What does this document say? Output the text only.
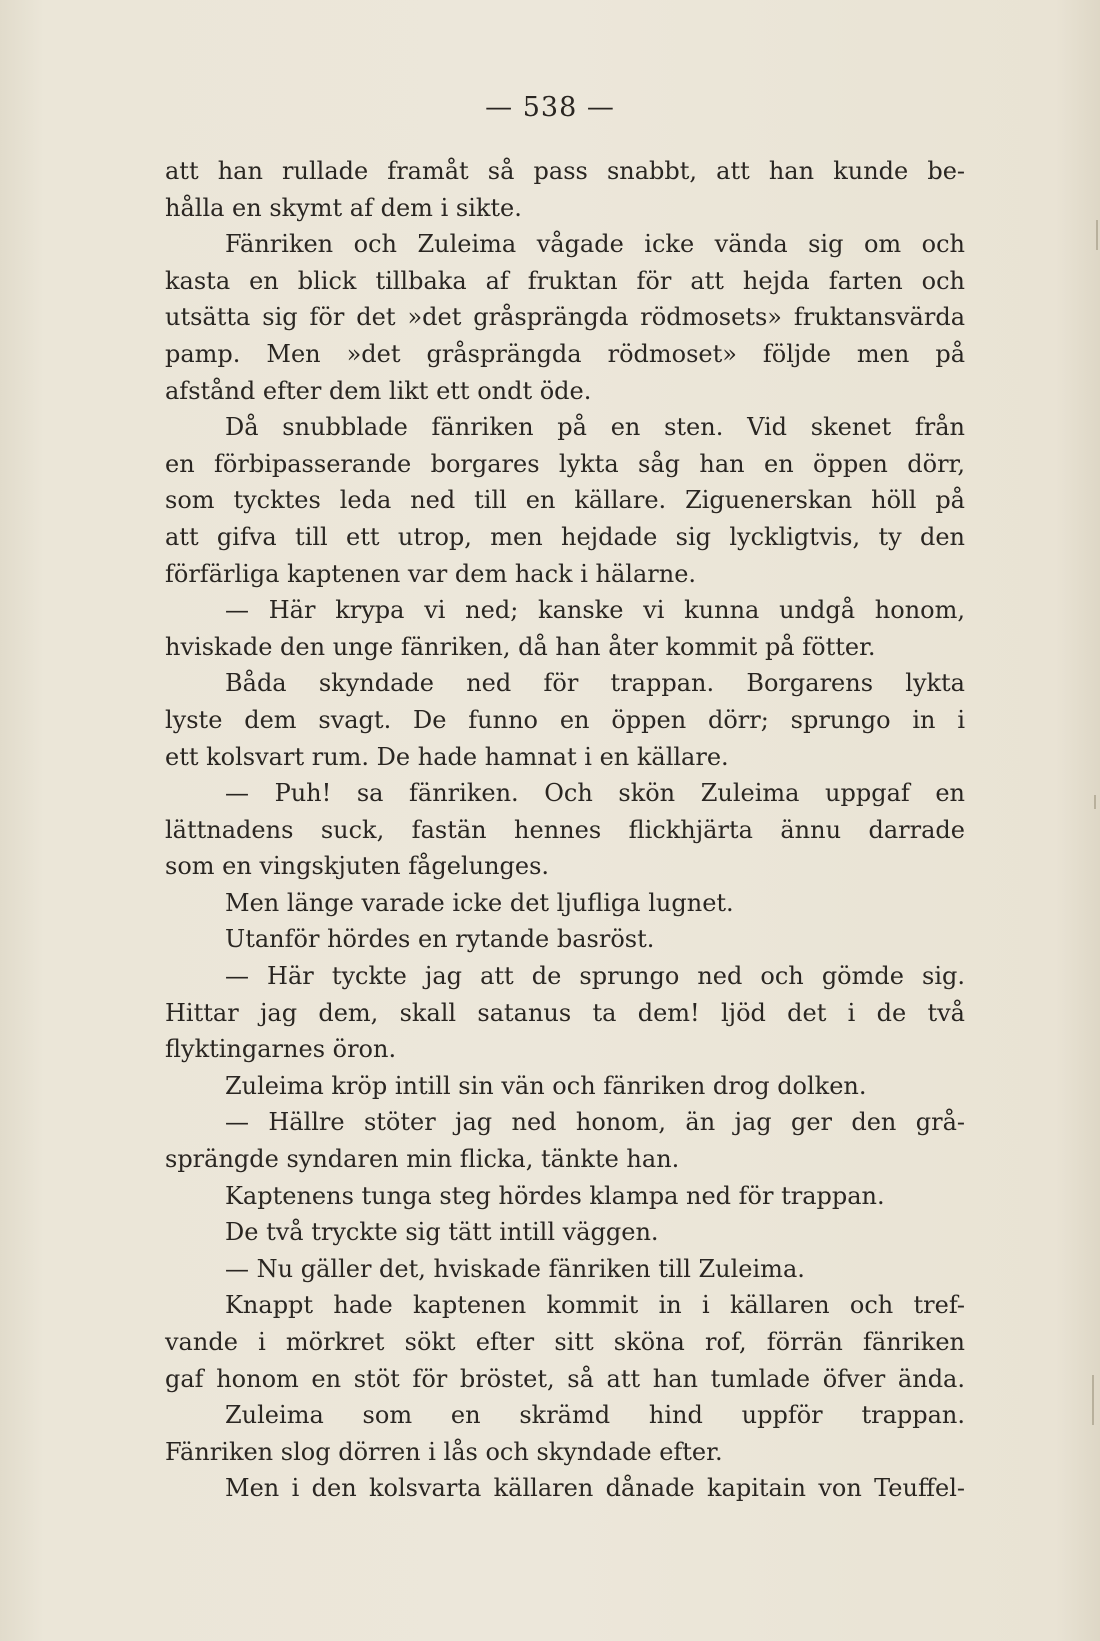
— 538 —
att han rullade framåt så pass snabbt, att han kunde be-
hålla en skymt af dem i sikte.
Fänriken och Zuleima vågade icke vända sig om och
kasta en blick tillbaka af fruktan för att hejda farten och
utsätta sig för det »det gråsprängda rödmosets» fruktansvärda
pamp. Men »det gråsprängda rödmoset» följde men på
afstånd efter dem likt ett ondt öde.
Då snubblade fänriken på en sten. Vid skenet från
en förbipasserande borgares lykta såg han en öppen dörr,
som tycktes leda ned till en källare. Ziguenerskan höll på
att gifva till ett utrop, men hejdade sig lyckligtvis, ty den
förfärliga kaptenen var dem hack i hälarne.
— Här krypa vi ned; kanske vi kunna undgå honom,
hviskade den unge fänriken, då han åter kommit på fötter.
Båda skyndade ned för trappan. Borgarens lykta
lyste dem svagt. De funno en öppen dörr; sprungo in i
ett kolsvart rum. De hade hamnat i en källare.
— Puh! sa fänriken. Och skön Zuleima uppgaf en
lättnadens suck, fastän hennes flickhjärta ännu darrade
som en vingskjuten fågelunges.
Men länge varade icke det ljufliga lugnet.
Utanför hördes en rytande basröst.
— Här tyckte jag att de sprungo ned och gömde sig.
Hittar jag dem, skall satanus ta dem! ljöd det i de två
flyktingarnes öron.
Zuleima kröp intill sin vän och fänriken drog dolken.
— Hällre stöter jag ned honom, än jag ger den grå-
sprängde syndaren min flicka, tänkte han.
Kaptenens tunga steg hördes klampa ned för trappan.
De två tryckte sig tätt intill väggen.
— Nu gäller det, hviskade fänriken till Zuleima.
Knappt hade kaptenen kommit in i källaren och tref-
vande i mörkret sökt efter sitt sköna rof, förrän fänriken
gaf honom en stöt för bröstet, så att han tumlade öfver ända.
Zuleima som en skrämd hind uppför trappan.
Fänriken slog dörren i lås och skyndade efter.
Men i den kolsvarta källaren dånade kapitain von Teuffel-
